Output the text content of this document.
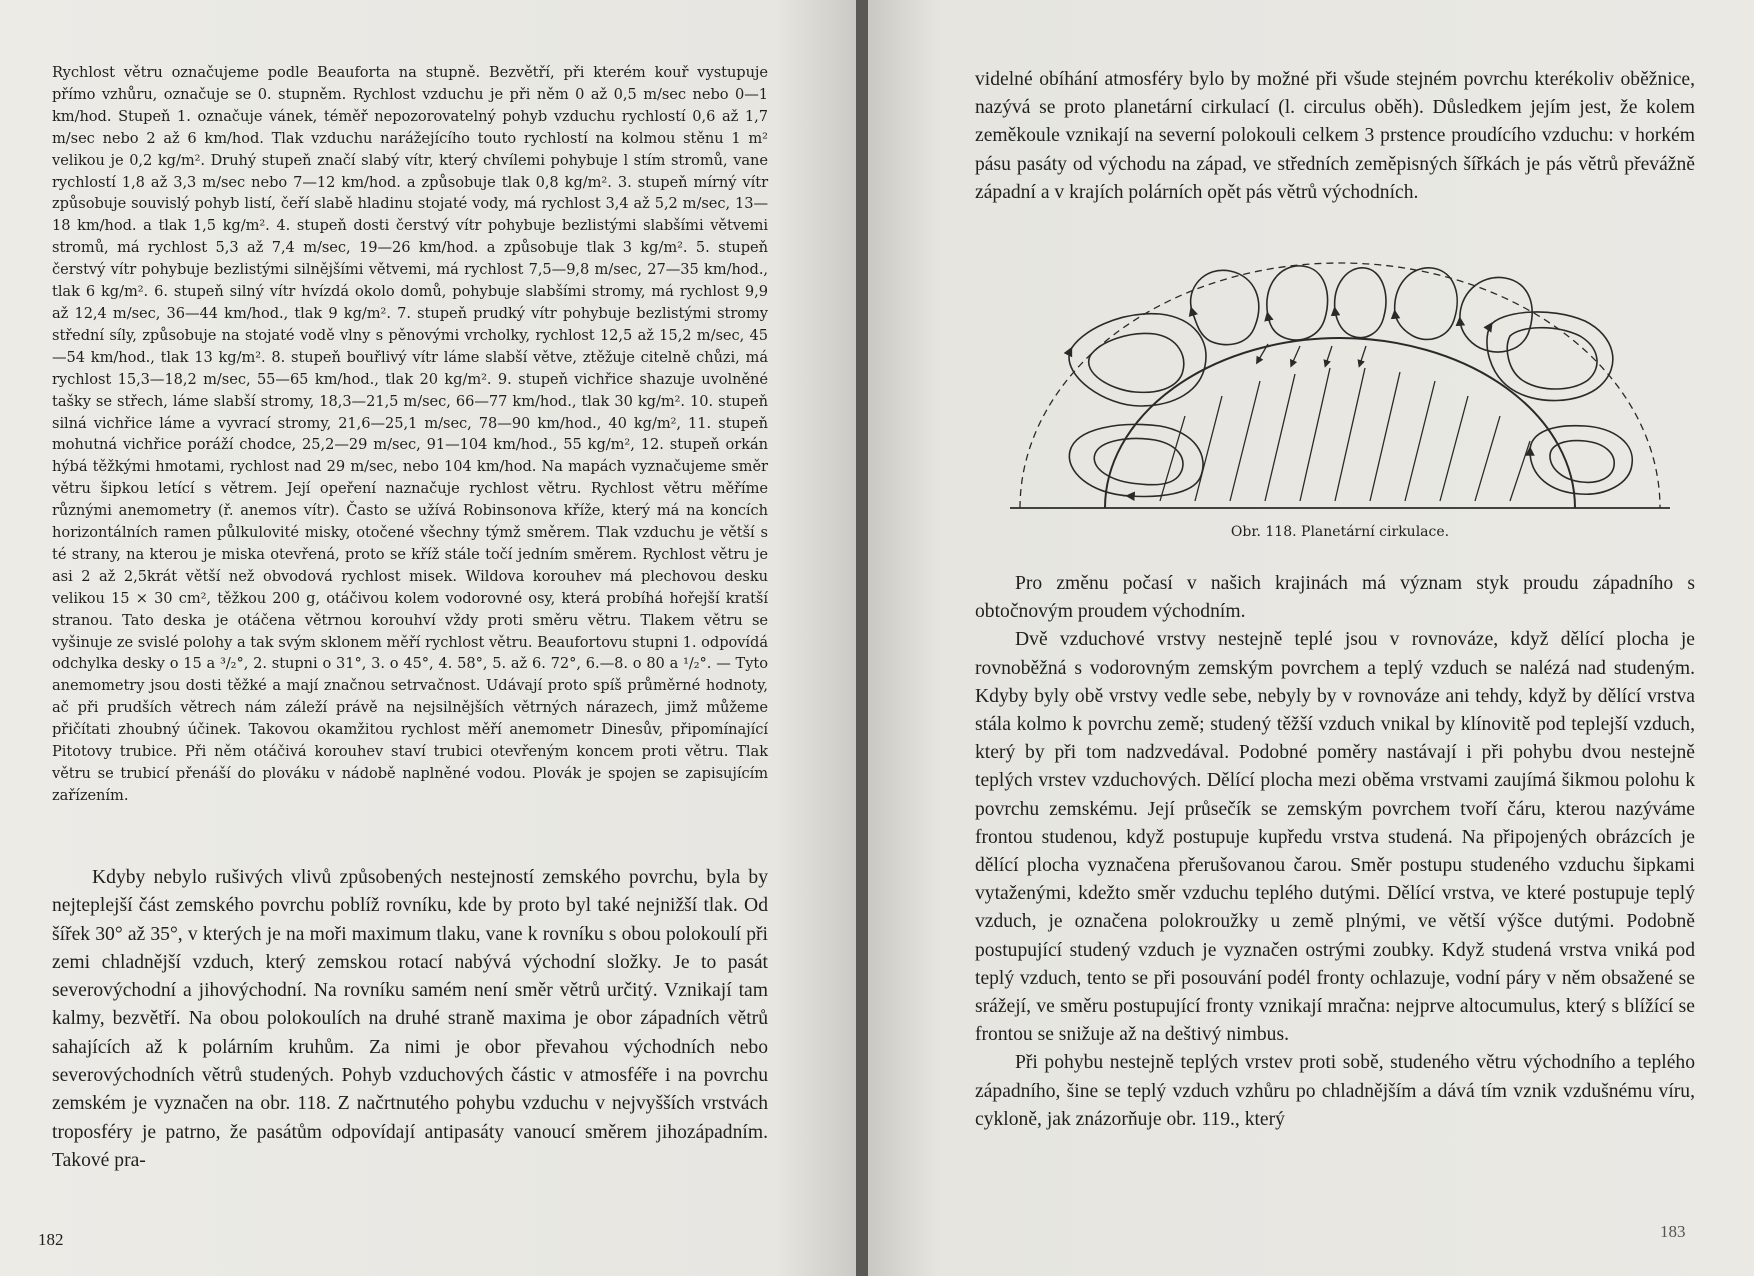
Rychlost větru označujeme podle Beauforta na stupně. Bezvětří, při kterém kouř vystupuje přímo vzhůru, označuje se 0. stupněm. Rychlost vzduchu je při něm 0 až 0,5 m/sec nebo 0—1 km/hod. Stupeň 1. označuje vánek, téměř nepozorovatelný pohyb vzduchu rychlostí 0,6 až 1,7 m/sec nebo 2 až 6 km/hod. Tlak vzduchu narážejícího touto rychlostí na kolmou stěnu 1 m² velikou je 0,2 kg/m². Druhý stupeň značí slabý vítr, který chvílemi pohybuje l stím stromů, vane rychlostí 1,8 až 3,3 m/sec nebo 7—12 km/hod. a způsobuje tlak 0,8 kg/m². 3. stupeň mírný vítr způsobuje souvislý pohyb listí, čeří slabě hladinu stojaté vody, má rychlost 3,4 až 5,2 m/sec, 13—18 km/hod. a tlak 1,5 kg/m². 4. stupeň dosti čerstvý vítr pohybuje bezlistými slabšími větvemi stromů, má rychlost 5,3 až 7,4 m/sec, 19—26 km/hod. a způsobuje tlak 3 kg/m². 5. stupeň čerstvý vítr pohybuje bezlistými silnějšími větvemi, má rychlost 7,5—9,8 m/sec, 27—35 km/hod., tlak 6 kg/m². 6. stupeň silný vítr hvízdá okolo domů, pohybuje slabšími stromy, má rychlost 9,9 až 12,4 m/sec, 36—44 km/hod., tlak 9 kg/m². 7. stupeň prudký vítr pohybuje bezlistými stromy střední síly, způsobuje na stojaté vodě vlny s pěnovými vrcholky, rychlost 12,5 až 15,2 m/sec, 45—54 km/hod., tlak 13 kg/m². 8. stupeň bouřlivý vítr láme slabší větve, ztěžuje citelně chůzi, má rychlost 15,3—18,2 m/sec, 55—65 km/hod., tlak 20 kg/m². 9. stupeň vichřice shazuje uvolněné tašky se střech, láme slabší stromy, 18,3—21,5 m/sec, 66—77 km/hod., tlak 30 kg/m². 10. stupeň silná vichřice láme a vyvrací stromy, 21,6—25,1 m/sec, 78—90 km/hod., 40 kg/m², 11. stupeň mohutná vichřice poráží chodce, 25,2—29 m/sec, 91—104 km/hod., 55 kg/m², 12. stupeň orkán hýbá těžkými hmotami, rychlost nad 29 m/sec, nebo 104 km/hod. Na mapách vyznačujeme směr větru šipkou letící s větrem. Její opeření naznačuje rychlost větru. Rychlost větru měříme různými anemometry (ř. anemos vítr). Často se užívá Robinsonova kříže, který má na koncích horizontálních ramen půlkulovité misky, otočené všechny týmž směrem. Tlak vzduchu je větší s té strany, na kterou je miska otevřená, proto se kříž stále točí jedním směrem. Rychlost větru je asi 2 až 2,5krát větší než obvodová rychlost misek. Wildova korouhev má plechovou desku velikou 15 × 30 cm², těžkou 200 g, otáčivou kolem vodorovné osy, která probíhá hořejší kratší stranou. Tato deska je otáčena větrnou korouhví vždy proti směru větru. Tlakem větru se vyšinuje ze svislé polohy a tak svým sklonem měří rychlost větru. Beaufortovu stupni 1. odpovídá odchylka desky o 15 a ³/₂°, 2. stupni o 31°, 3. o 45°, 4. 58°, 5. až 6. 72°, 6.—8. o 80 a ¹/₂°. — Tyto anemometry jsou dosti těžké a mají značnou setrvačnost. Udávají proto spíš průměrné hodnoty, ač při prudších větrech nám záleží právě na nejsilnějších větrných nárazech, jimž můžeme přičítati zhoubný účinek. Takovou okamžitou rychlost měří anemometr Dinesův, připomínající Pitotovy trubice. Při něm otáčivá korouhev staví trubici otevřeným koncem proti větru. Tlak větru se trubicí přenáší do plováku v nádobě naplněné vodou. Plovák je spojen se zapisujícím zařízením.

Kdyby nebylo rušivých vlivů způsobených nestejností zemského povrchu, byla by nejteplejší část zemského povrchu poblíž rovníku, kde by proto byl také nejnižší tlak. Od šířek 30° až 35°, v kterých je na moři maximum tlaku, vane k rovníku s obou polokoulí při zemi chladnější vzduch, který zemskou rotací nabývá východní složky. Je to pasát severovýchodní a jihovýchodní. Na rovníku samém není směr větrů určitý. Vznikají tam kalmy, bezvětří. Na obou polokoulích na druhé straně maxima je obor západních větrů sahajících až k polárním kruhům. Za nimi je obor převahou východních nebo severovýchodních větrů studených. Pohyb vzduchových částic v atmosféře i na povrchu zemském je vyznačen na obr. 118. Z načrtnutého pohybu vzduchu v nejvyšších vrstvách troposféry je patrno, že pasátům odpovídají antipasáty vanoucí směrem jihozápadním. Takové pra-

182

videlné obíhání atmosféry bylo by možné při všude stejném povrchu kterékoliv oběžnice, nazývá se proto planetární cirkulací (l. circulus oběh). Důsledkem jejím jest, že kolem zeměkoule vznikají na severní polokouli celkem 3 prstence proudícího vzduchu: v horkém pásu pasáty od východu na západ, ve středních zeměpisných šířkách je pás větrů převážně západní a v krajích polárních opět pás větrů východních.

Obr. 118. Planetární cirkulace.

Pro změnu počasí v našich krajinách má význam styk proudu západního s obtočnovým proudem východním.

Dvě vzduchové vrstvy nestejně teplé jsou v rovnováze, když dělící plocha je rovnoběžná s vodorovným zemským povrchem a teplý vzduch se nalézá nad studeným. Kdyby byly obě vrstvy vedle sebe, nebyly by v rovnováze ani tehdy, když by dělící vrstva stála kolmo k povrchu země; studený těžší vzduch vnikal by klínovitě pod teplejší vzduch, který by při tom nadzvedával. Podobné poměry nastávají i při pohybu dvou nestejně teplých vrstev vzduchových. Dělící plocha mezi oběma vrstvami zaujímá šikmou polohu k povrchu zemskému. Její průsečík se zemským povrchem tvoří čáru, kterou nazýváme frontou studenou, když postupuje kupředu vrstva studená. Na připojených obrázcích je dělící plocha vyznačena přerušovanou čarou. Směr postupu studeného vzduchu šipkami vytaženými, kdežto směr vzduchu teplého dutými. Dělící vrstva, ve které postupuje teplý vzduch, je označena polokroužky u země plnými, ve větší výšce dutými. Podobně postupující studený vzduch je vyznačen ostrými zoubky. Když studená vrstva vniká pod teplý vzduch, tento se při posouvání podél fronty ochlazuje, vodní páry v něm obsažené se srážejí, ve směru postupující fronty vznikají mračna: nejprve altocumulus, který s blížící se frontou se snižuje až na deštivý nimbus.

Při pohybu nestejně teplých vrstev proti sobě, studeného větru východního a teplého západního, šine se teplý vzduch vzhůru po chladnějším a dává tím vznik vzdušnému víru, cykloně, jak znázorňuje obr. 119., který

183
